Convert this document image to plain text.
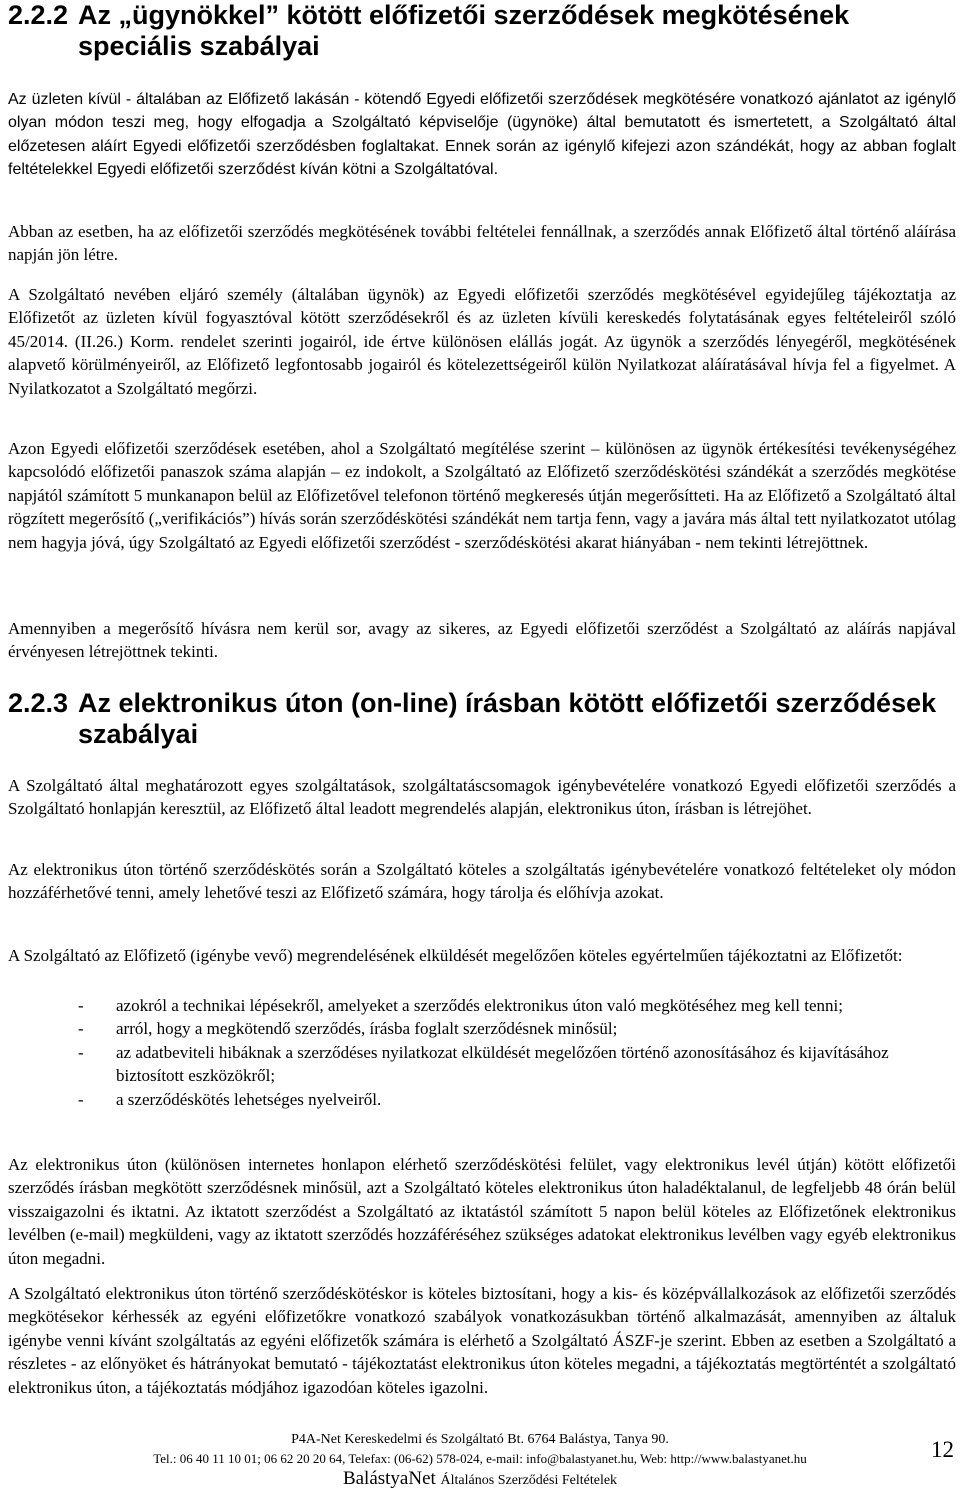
2.2.2 Az „ügynökkel” kötött előfizetői szerződések megkötésének
speciális szabályai

Az üzleten kívül - általában az Előfizető lakásán - kötendő Egyedi előfizetői szerződések megkötésére vonatkozó ajánlatot az igénylő olyan módon teszi meg, hogy elfogadja a Szolgáltató képviselője (ügynöke) által bemutatott és ismertetett, a Szolgáltató által előzetesen aláírt Egyedi előfizetői szerződésben foglaltakat. Ennek során az igénylő kifejezi azon szándékát, hogy az abban foglalt feltételekkel Egyedi előfizetői szerződést kíván kötni a Szolgáltatóval.

Abban az esetben, ha az előfizetői szerződés megkötésének további feltételei fennállnak, a szerződés annak Előfizető által történő aláírása napján jön létre.

A Szolgáltató nevében eljáró személy (általában ügynök) az Egyedi előfizetői szerződés megkötésével egyidejűleg tájékoztatja az Előfizetőt az üzleten kívül fogyasztóval kötött szerződésekről és az üzleten kívüli kereskedés folytatásának egyes feltételeiről szóló 45/2014. (II.26.) Korm. rendelet szerinti jogairól, ide értve különösen elállás jogát. Az ügynök a szerződés lényegéről, megkötésének alapvető körülményeiről, az Előfizető legfontosabb jogairól és kötelezettségeiről külön Nyilatkozat aláíratásával hívja fel a figyelmet. A Nyilatkozatot a Szolgáltató megőrzi.

Azon Egyedi előfizetői szerződések esetében, ahol a Szolgáltató megítélése szerint – különösen az ügynök értékesítési tevékenységéhez kapcsolódó előfizetői panaszok száma alapján – ez indokolt, a Szolgáltató az Előfizető szerződéskötési szándékát a szerződés megkötése napjától számított 5 munkanapon belül az Előfizetővel telefonon történő megkeresés útján megerősítteti. Ha az Előfizető a Szolgáltató által rögzített megerősítő („verifikációs”) hívás során szerződéskötési szándékát nem tartja fenn, vagy a javára más által tett nyilatkozatot utólag nem hagyja jóvá, úgy Szolgáltató az Egyedi előfizetői szerződést - szerződéskötési akarat hiányában - nem tekinti létrejöttnek.

Amennyiben a megerősítő hívásra nem kerül sor, avagy az sikeres, az Egyedi előfizetői szerződést a Szolgáltató az aláírás napjával érvényesen létrejöttnek tekinti.

2.2.3 Az elektronikus úton (on-line) írásban kötött előfizetői szerződések
szabályai

A Szolgáltató által meghatározott egyes szolgáltatások, szolgáltatáscsomagok igénybevételére vonatkozó Egyedi előfizetői szerződés a Szolgáltató honlapján keresztül, az Előfizető által leadott megrendelés alapján, elektronikus úton, írásban is létrejöhet.

Az elektronikus úton történő szerződéskötés során a Szolgáltató köteles a szolgáltatás igénybevételére vonatkozó feltételeket oly módon hozzáférhetővé tenni, amely lehetővé teszi az Előfizető számára, hogy tárolja és előhívja azokat.

A Szolgáltató az Előfizető (igénybe vevő) megrendelésének elküldését megelőzően köteles egyértelműen tájékoztatni az Előfizetőt:

- azokról a technikai lépésekről, amelyeket a szerződés elektronikus úton való megkötéséhez meg kell tenni;
- arról, hogy a megkötendő szerződés, írásba foglalt szerződésnek minősül;
- az adatbeviteli hibáknak a szerződéses nyilatkozat elküldését megelőzően történő azonosításához és kijavításához biztosított eszközökről;
- a szerződéskötés lehetséges nyelveiről.

Az elektronikus úton (különösen internetes honlapon elérhető szerződéskötési felület, vagy elektronikus levél útján) kötött előfizetői szerződés írásban megkötött szerződésnek minősül, azt a Szolgáltató köteles elektronikus úton haladéktalanul, de legfeljebb 48 órán belül visszaigazolni és iktatni. Az iktatott szerződést a Szolgáltató az iktatástól számított 5 napon belül köteles az Előfizetőnek elektronikus levélben (e-mail) megküldeni, vagy az iktatott szerződés hozzáféréséhez szükséges adatokat elektronikus levélben vagy egyéb elektronikus úton megadni.

A Szolgáltató elektronikus úton történő szerződéskötéskor is köteles biztosítani, hogy a kis- és középvállalkozások az előfizetői szerződés megkötésekor kérhessék az egyéni előfizetőkre vonatkozó szabályok vonatkozásukban történő alkalmazását, amennyiben az általuk igénybe venni kívánt szolgáltatás az egyéni előfizetők számára is elérhető a Szolgáltató ÁSZF-je szerint. Ebben az esetben a Szolgáltató a részletes - az előnyöket és hátrányokat bemutató - tájékoztatást elektronikus úton köteles megadni, a tájékoztatás megtörténtét a szolgáltató elektronikus úton, a tájékoztatás módjához igazodóan köteles igazolni.

P4A-Net Kereskedelmi és Szolgáltató Bt. 6764 Balástya, Tanya 90.
Tel.: 06 40 11 10 01; 06 62 20 20 64, Telefax: (06-62) 578-024, e-mail: info@balastyanet.hu, Web: http://www.balastyanet.hu
BalástyaNet Általános Szerződési Feltételek
12
